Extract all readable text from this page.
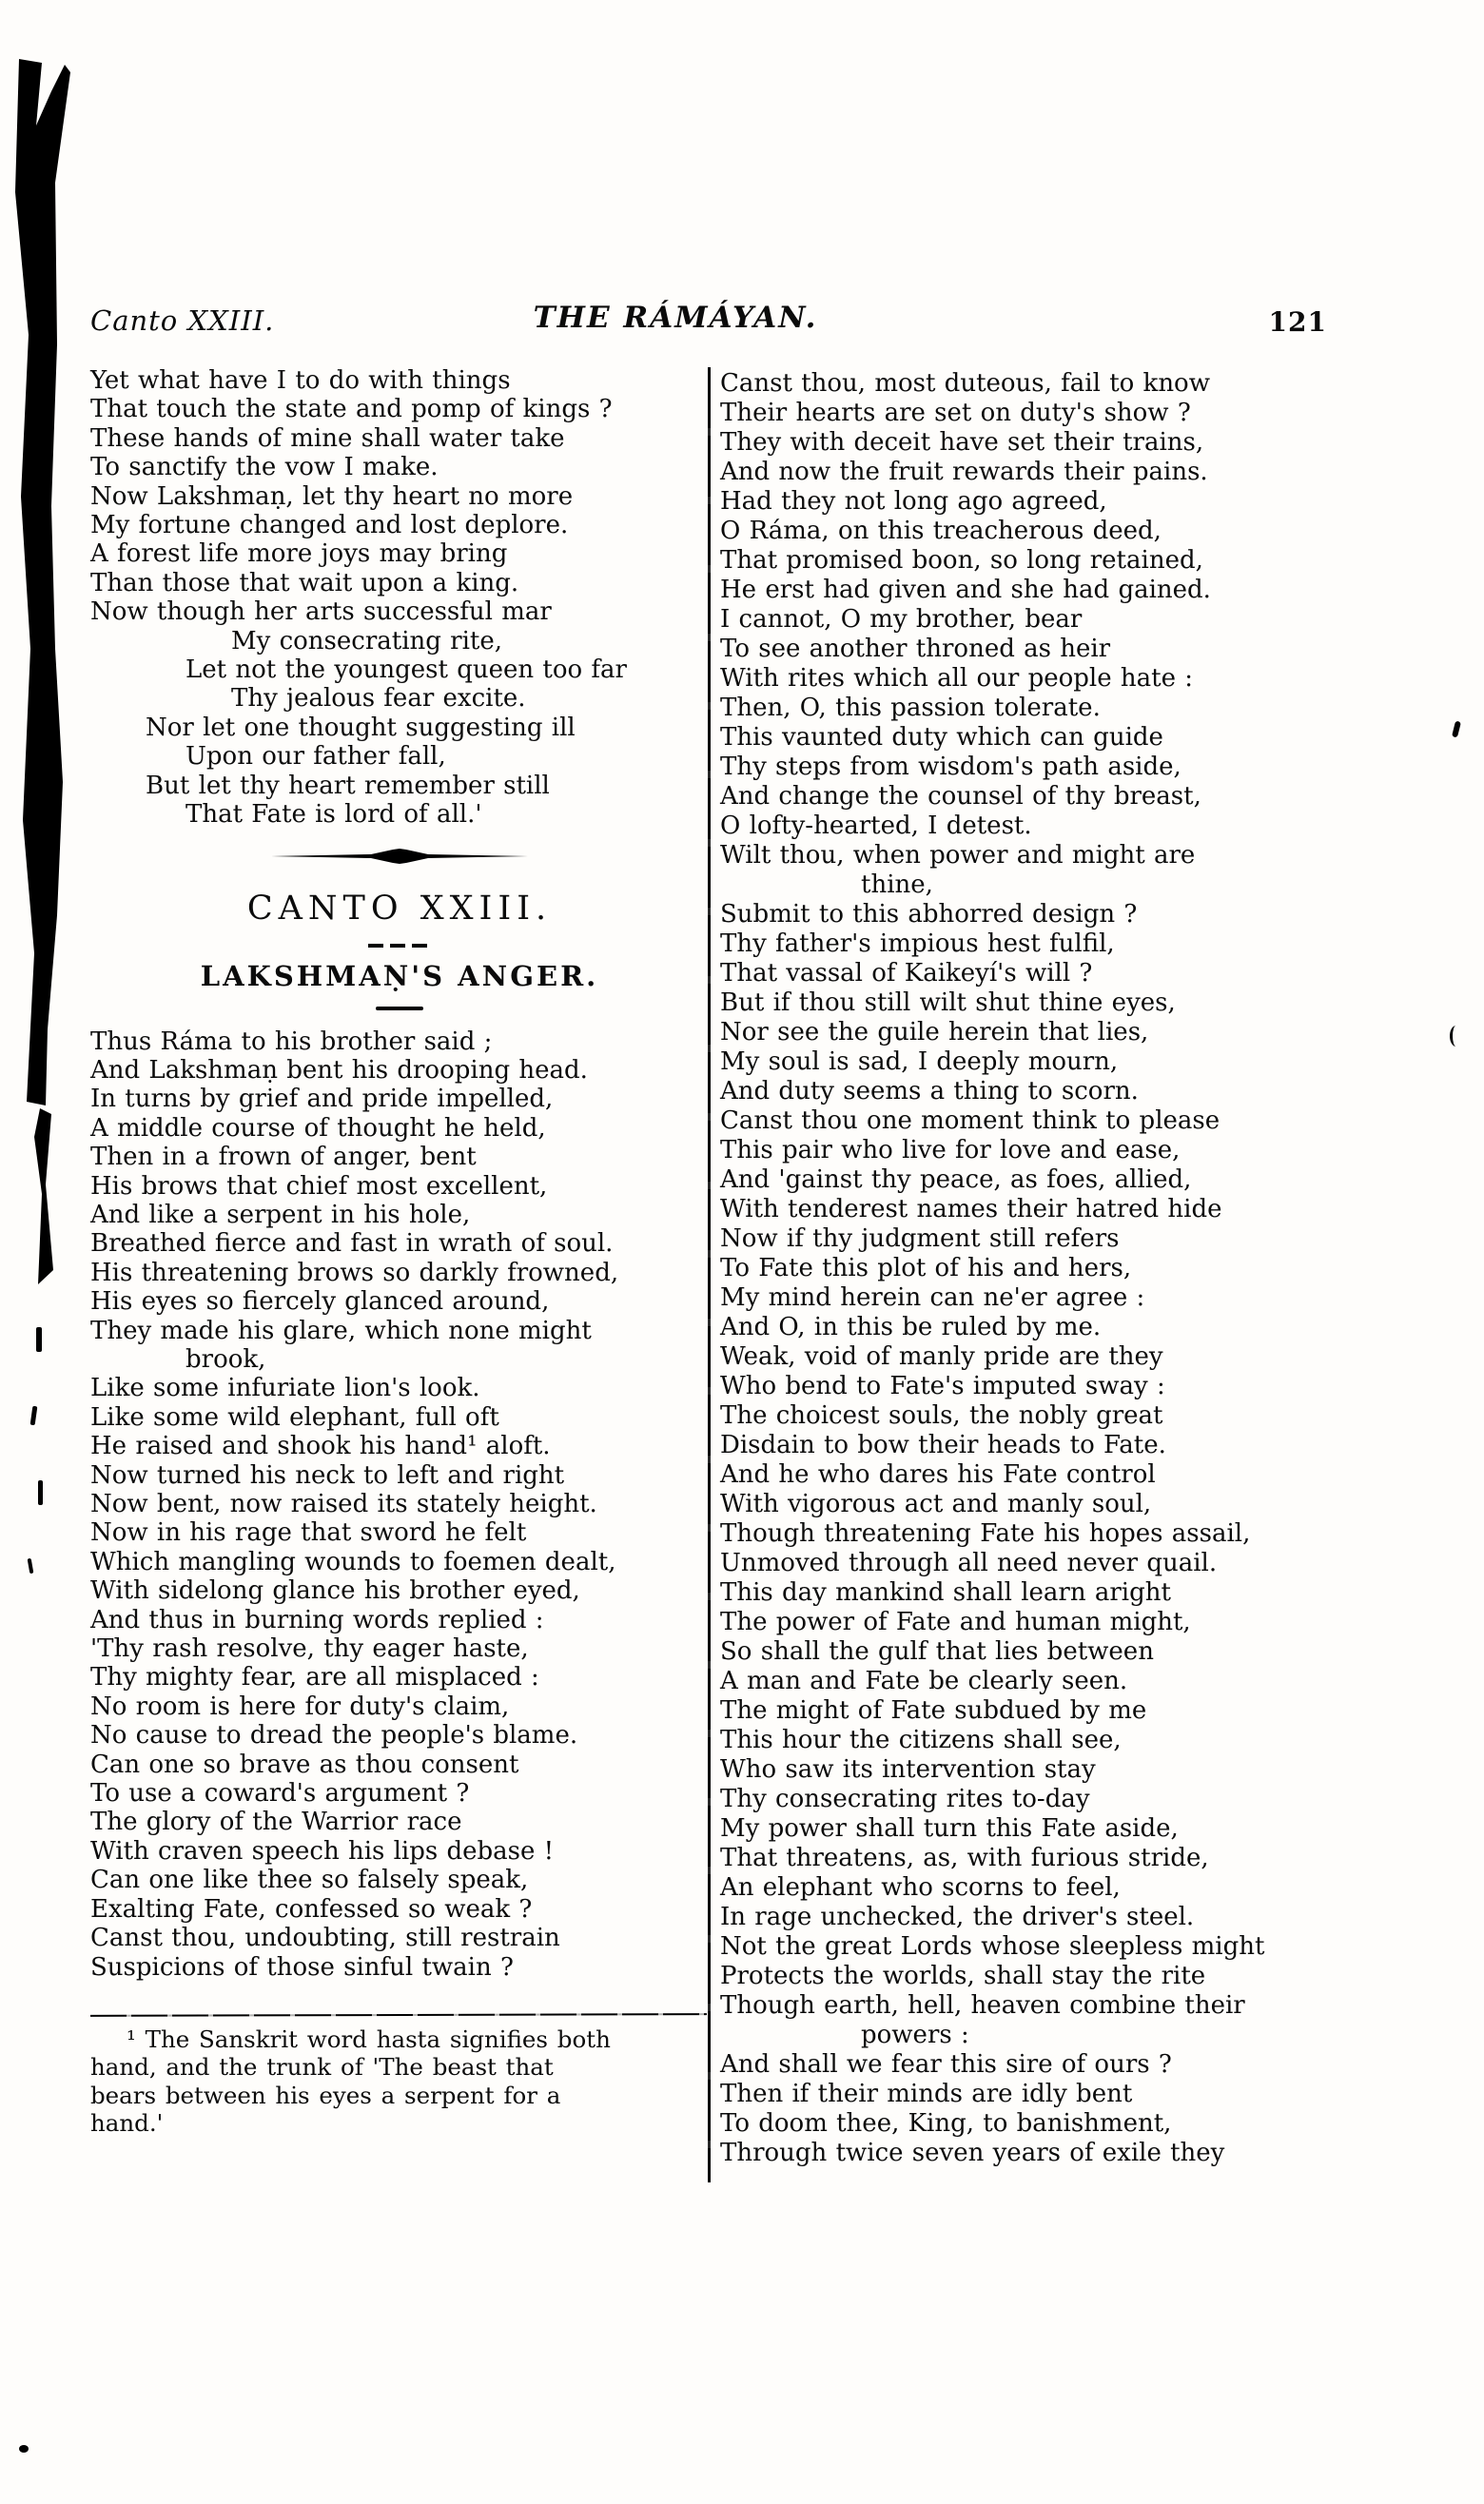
Canto XXIII.	THE RÁMÁYAN.	121
Yet what have I to do with things
That touch the state and pomp of kings ?
These hands of mine shall water take
To sanctify the vow I make.
Now Lakshmaṇ, let thy heart no more
My fortune changed and lost deplore.
A forest life more joys may bring
Than those that wait upon a king.
Now though her arts successful mar
My consecrating rite,
Let not the youngest queen too far
Thy jealous fear excite.
Nor let one thought suggesting ill
Upon our father fall,
But let thy heart remember still
That Fate is lord of all.'
CANTO XXIII.
LAKSHMAṆ'S ANGER.
Thus Ráma to his brother said ;
And Lakshmaṇ bent his drooping head.
In turns by grief and pride impelled,
A middle course of thought he held,
Then in a frown of anger, bent
His brows that chief most excellent,
And like a serpent in his hole,
Breathed fierce and fast in wrath of soul.
His threatening brows so darkly frowned,
His eyes so fiercely glanced around,
They made his glare, which none might
brook,
Like some infuriate lion's look.
Like some wild elephant, full oft
He raised and shook his hand¹ aloft.
Now turned his neck to left and right
Now bent, now raised its stately height.
Now in his rage that sword he felt
Which mangling wounds to foemen dealt,
With sidelong glance his brother eyed,
And thus in burning words replied :
'Thy rash resolve, thy eager haste,
Thy mighty fear, are all misplaced :
No room is here for duty's claim,
No cause to dread the people's blame.
Can one so brave as thou consent
To use a coward's argument ?
The glory of the Warrior race
With craven speech his lips debase !
Can one like thee so falsely speak,
Exalting Fate, confessed so weak ?
Canst thou, undoubting, still restrain
Suspicions of those sinful twain ?
¹ The Sanskrit word hasta signifies both
hand, and the trunk of 'The beast that
bears between his eyes a serpent for a
hand.'
Canst thou, most duteous, fail to know
Their hearts are set on duty's show ?
They with deceit have set their trains,
And now the fruit rewards their pains.
Had they not long ago agreed,
O Ráma, on this treacherous deed,
That promised boon, so long retained,
He erst had given and she had gained.
I cannot, O my brother, bear
To see another throned as heir
With rites which all our people hate :
Then, O, this passion tolerate.
This vaunted duty which can guide
Thy steps from wisdom's path aside,
And change the counsel of thy breast,
O lofty-hearted, I detest.
Wilt thou, when power and might are
thine,
Submit to this abhorred design ?
Thy father's impious hest fulfil,
That vassal of Kaikeyí's will ?
But if thou still wilt shut thine eyes,
Nor see the guile herein that lies,
My soul is sad, I deeply mourn,
And duty seems a thing to scorn.
Canst thou one moment think to please
This pair who live for love and ease,
And 'gainst thy peace, as foes, allied,
With tenderest names their hatred hide
Now if thy judgment still refers
To Fate this plot of his and hers,
My mind herein can ne'er agree :
And O, in this be ruled by me.
Weak, void of manly pride are they
Who bend to Fate's imputed sway :
The choicest souls, the nobly great
Disdain to bow their heads to Fate.
And he who dares his Fate control
With vigorous act and manly soul,
Though threatening Fate his hopes assail,
Unmoved through all need never quail.
This day mankind shall learn aright
The power of Fate and human might,
So shall the gulf that lies between
A man and Fate be clearly seen.
The might of Fate subdued by me
This hour the citizens shall see,
Who saw its intervention stay
Thy consecrating rites to-day
My power shall turn this Fate aside,
That threatens, as, with furious stride,
An elephant who scorns to feel,
In rage unchecked, the driver's steel.
Not the great Lords whose sleepless might
Protects the worlds, shall stay the rite
Though earth, hell, heaven combine their
powers :
And shall we fear this sire of ours ?
Then if their minds are idly bent
To doom thee, King, to banishment,
Through twice seven years of exile they
